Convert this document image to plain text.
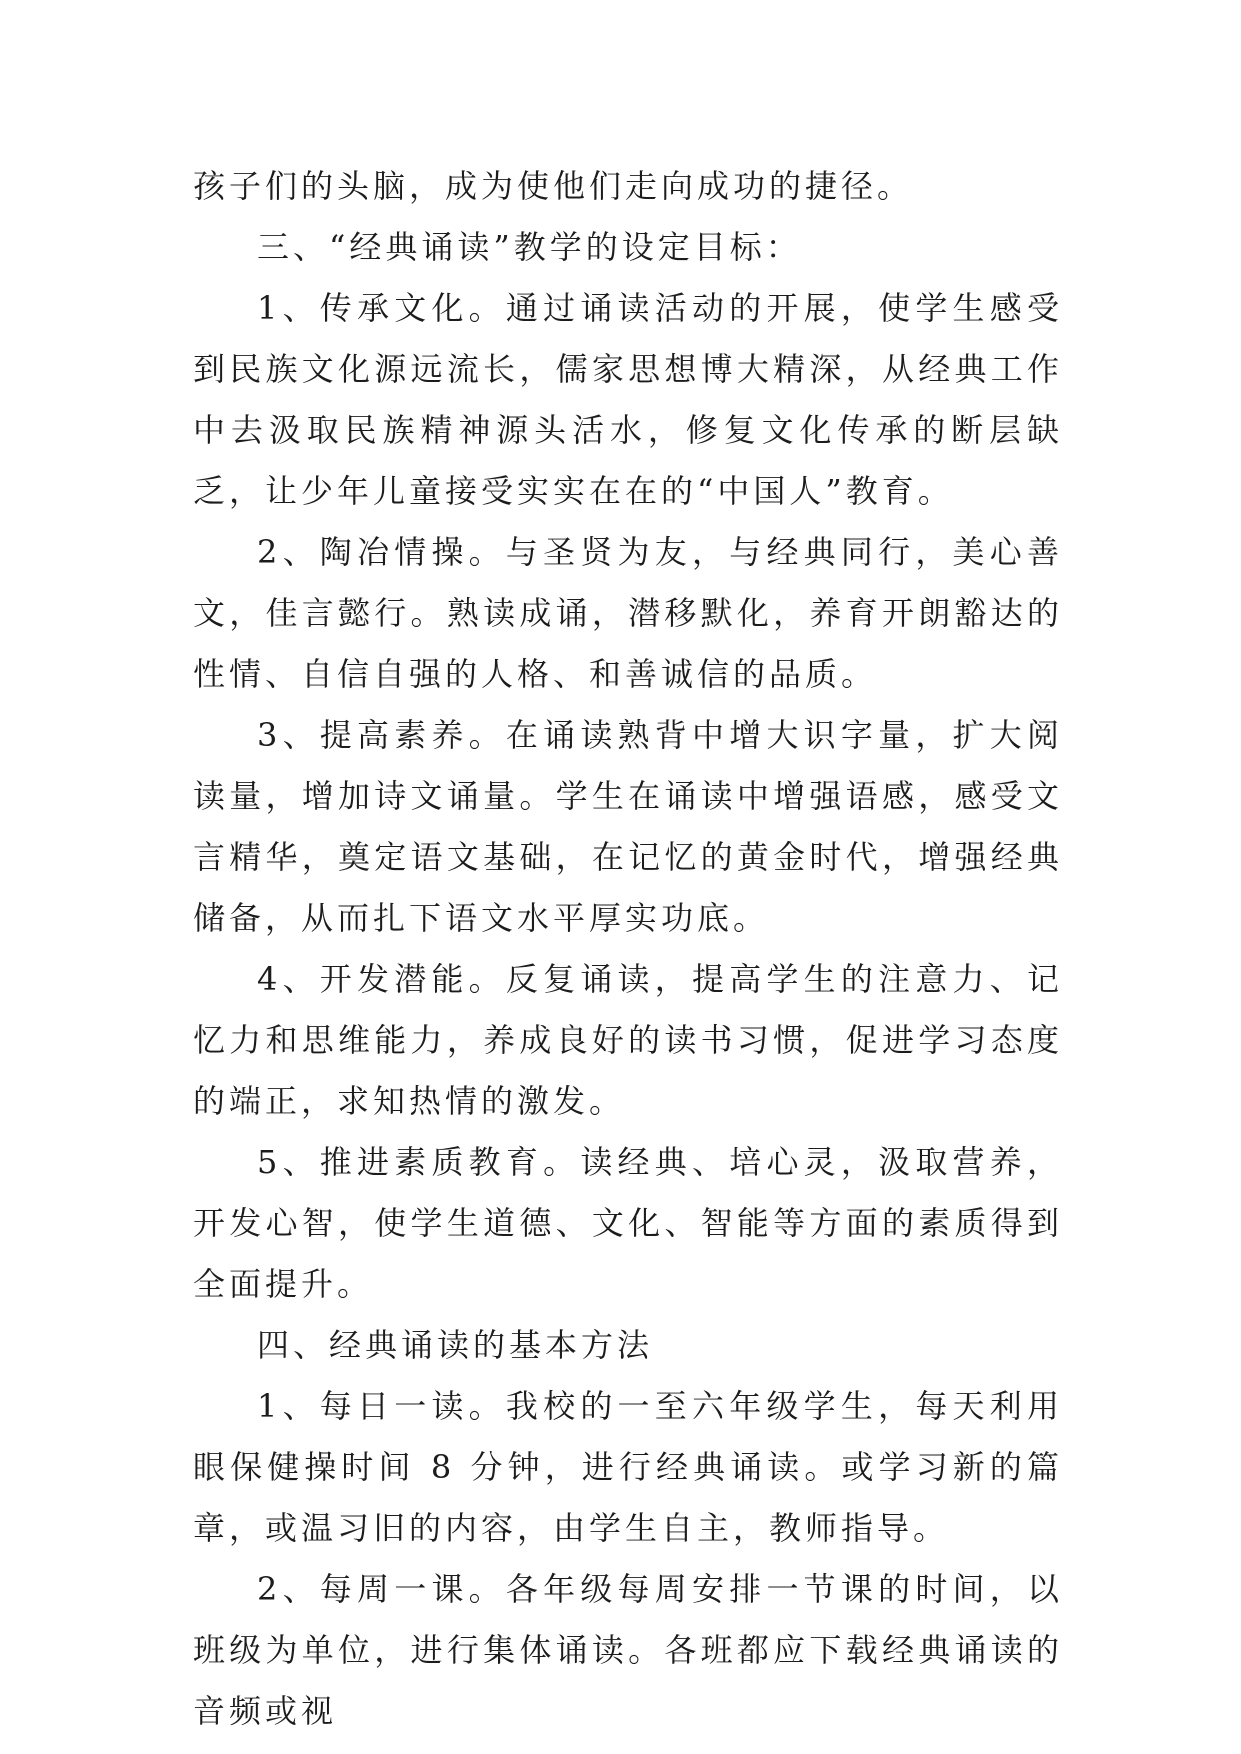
孩子们的头脑，成为使他们走向成功的捷径。

三、“经典诵读”教学的设定目标：

1、传承文化。通过诵读活动的开展，使学生感受到民族文化源远流长，儒家思想博大精深，从经典工作中去汲取民族精神源头活水，修复文化传承的断层缺乏，让少年儿童接受实实在在的“中国人”教育。

2、陶冶情操。与圣贤为友，与经典同行，美心善文，佳言懿行。熟读成诵，潜移默化，养育开朗豁达的性情、自信自强的人格、和善诚信的品质。

3、提高素养。在诵读熟背中增大识字量，扩大阅读量，增加诗文诵量。学生在诵读中增强语感，感受文言精华，奠定语文基础，在记忆的黄金时代，增强经典储备，从而扎下语文水平厚实功底。

4、开发潜能。反复诵读，提高学生的注意力、记忆力和思维能力，养成良好的读书习惯，促进学习态度的端正，求知热情的激发。

5、推进素质教育。读经典、培心灵，汲取营养，开发心智，使学生道德、文化、智能等方面的素质得到全面提升。

四、经典诵读的基本方法

1、每日一读。我校的一至六年级学生，每天利用眼保健操时间 8 分钟，进行经典诵读。或学习新的篇章，或温习旧的内容，由学生自主，教师指导。

2、每周一课。各年级每周安排一节课的时间，以班级为单位，进行集体诵读。各班都应下载经典诵读的音频或视
